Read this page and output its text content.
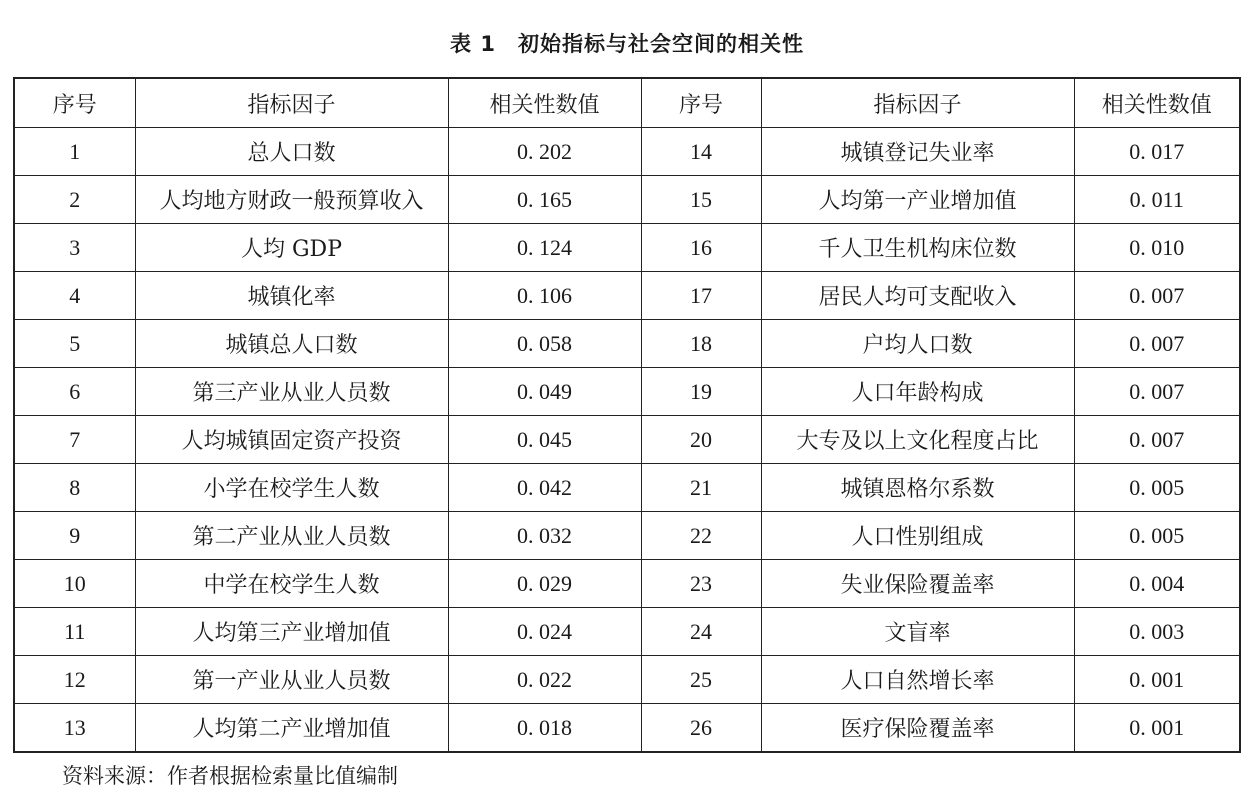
表 1 初始指标与社会空间的相关性
序号	指标因子	相关性数值	序号	指标因子	相关性数值
1	总人口数	0. 202	14	城镇登记失业率	0. 017
2	人均地方财政一般预算收入	0. 165	15	人均第一产业增加值	0. 011
3	人均 GDP	0. 124	16	千人卫生机构床位数	0. 010
4	城镇化率	0. 106	17	居民人均可支配收入	0. 007
5	城镇总人口数	0. 058	18	户均人口数	0. 007
6	第三产业从业人员数	0. 049	19	人口年龄构成	0. 007
7	人均城镇固定资产投资	0. 045	20	大专及以上文化程度占比	0. 007
8	小学在校学生人数	0. 042	21	城镇恩格尔系数	0. 005
9	第二产业从业人员数	0. 032	22	人口性别组成	0. 005
10	中学在校学生人数	0. 029	23	失业保险覆盖率	0. 004
11	人均第三产业增加值	0. 024	24	文盲率	0. 003
12	第一产业从业人员数	0. 022	25	人口自然增长率	0. 001
13	人均第二产业增加值	0. 018	26	医疗保险覆盖率	0. 001
资料来源：作者根据检索量比值编制
